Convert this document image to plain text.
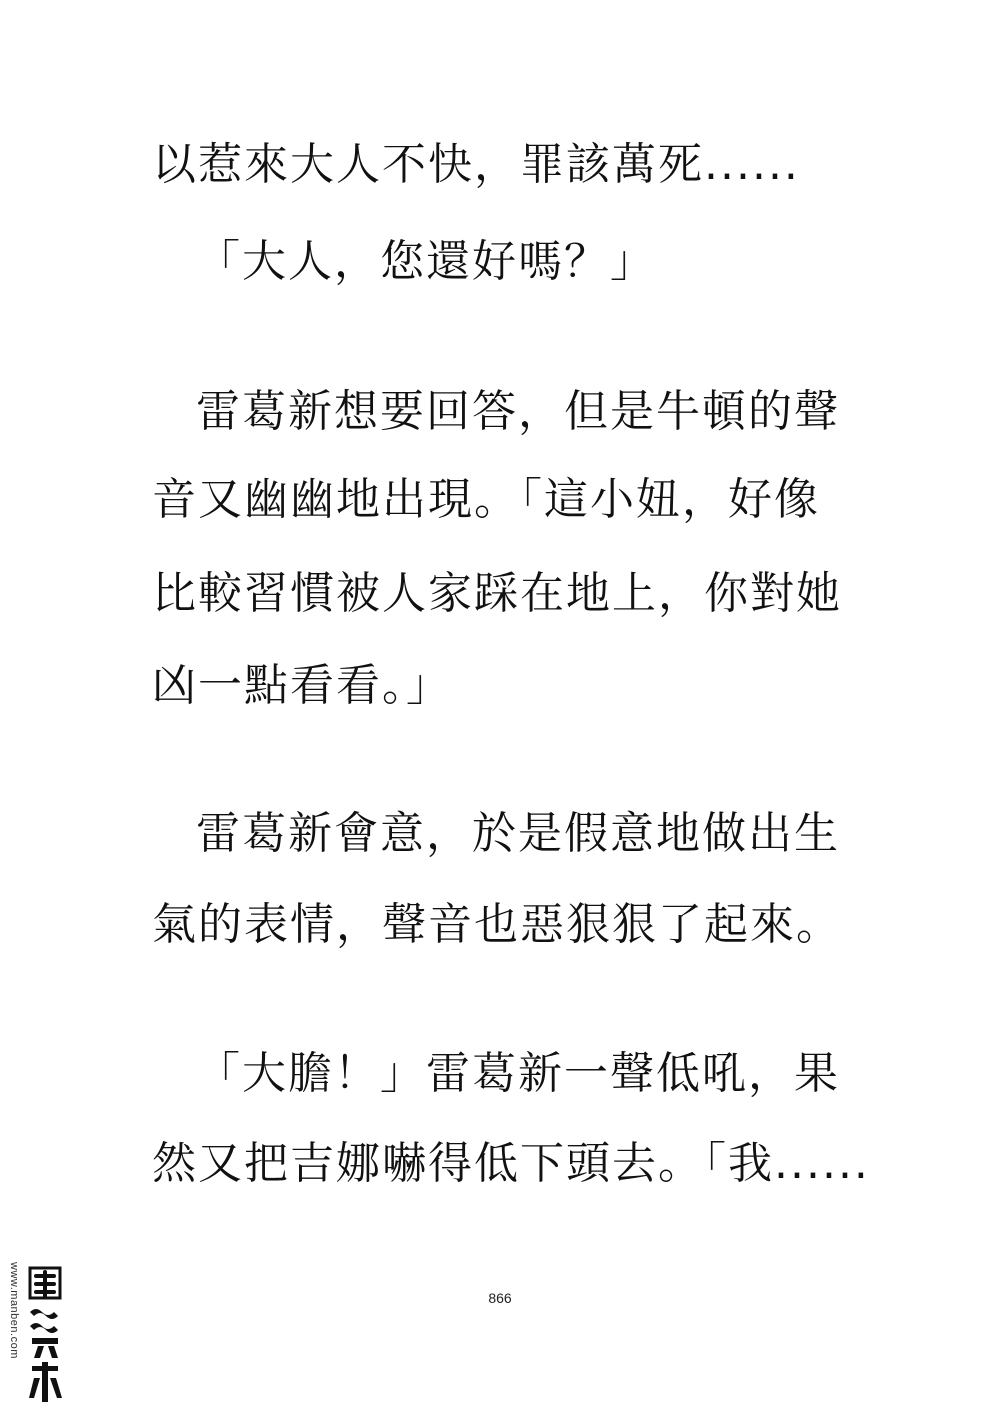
以惹來大人不快，罪該萬死......
「大人，您還好嗎？」
雷葛新想要回答，但是牛頓的聲
音又幽幽地出現。「這小妞，好像
比較習慣被人家踩在地上，你對她
凶一點看看。」
雷葛新會意，於是假意地做出生
氣的表情，聲音也惡狠狠了起來。
「大膽！」雷葛新一聲低吼，果
然又把吉娜嚇得低下頭去。「我......
866
www.manben.com
